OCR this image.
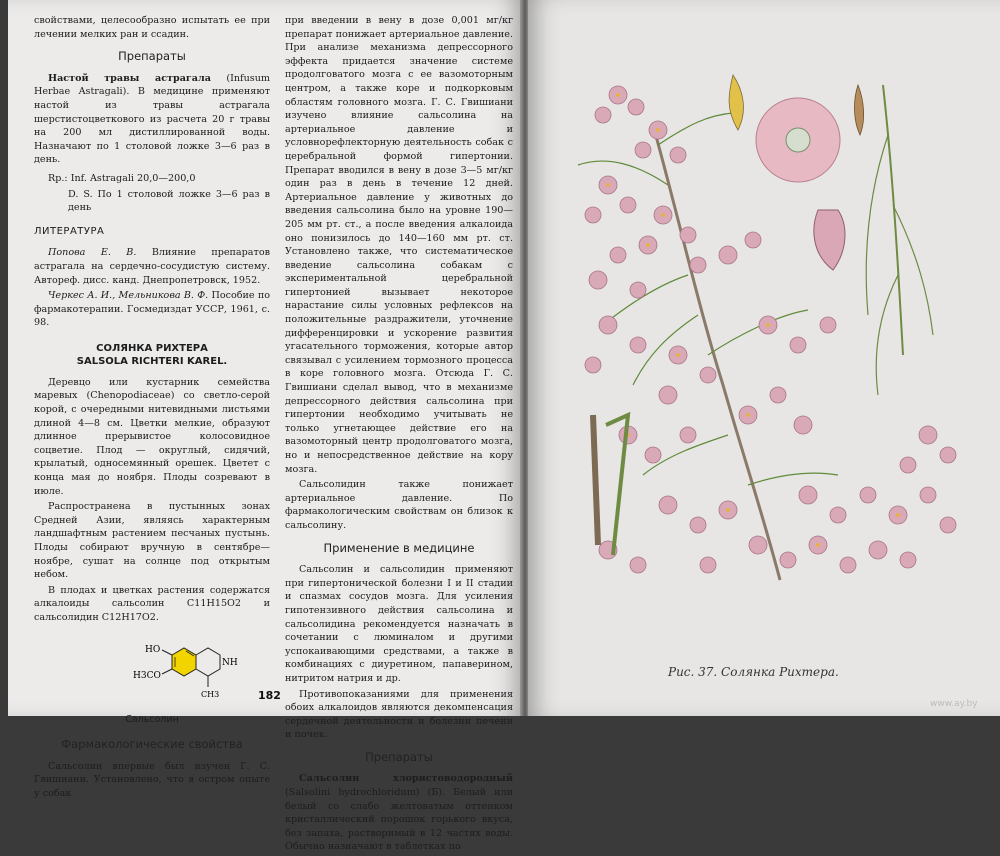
свойствами, целесообразно испытать ее при лечении мелких ран и ссадин.

Препараты

Настой травы астрагала (Infusum Herbae Astragali). В медицине применяют настой из травы астрагала шерстистоцветкового из расчета 20 г травы на 200 мл дистиллированной воды. Назначают по 1 столовой ложке 3—6 раз в день.

Rp.: Inf. Astragali 20,0—200,0

D. S. По 1 столовой ложке 3—6 раз в день

ЛИТЕРАТУРА

Попова Е. В. Влияние препаратов астрагала на сердечно-сосудистую систему. Автореф. дисс. канд. Днепропетровск, 1952.

Черкес А. И., Мельникова В. Ф. Пособие по фармакотерапии. Госмедиздат УССР, 1961, с. 98.

СОЛЯНКА РИХТЕРА
SALSOLA RICHTERI KAREL.

Деревцо или кустарник семейства маревых (Chenopodiaceae) со светло-серой корой, с очередными нитевидными листьями длиной 4—8 см. Цветки мелкие, образуют длинное прерывистое колосовидное соцветие. Плод — округлый, сидячий, крылатый, односемянный орешек. Цветет с конца мая до ноября. Плоды созревают в июле.

Распространена в пустынных зонах Средней Азии, являясь характерным ландшафтным растением песчаных пустынь. Плоды собирают вручную в сентябре—ноябре, сушат на солнце под открытым небом.

В плодах и цветках растения содержатся алкалоиды сальсолин C11H15O2 и сальсолидин C12H17O2.

HO
H3CO
NH
CH3
Сальсолин
Фармакологические свойства

Сальсолин впервые был изучен Г. С. Гвишиани. Установлено, что в остром опыте у собак

при введении в вену в дозе 0,001 мг/кг препарат понижает артериальное давление. При анализе механизма депрессорного эффекта придается значение системе продолговатого мозга с ее вазомоторным центром, а также коре и подкорковым областям головного мозга. Г. С. Гвишиани изучено влияние сальсолина на артериальное давление и условнорефлекторную деятельность собак с церебральной формой гипертонии. Препарат вводился в вену в дозе 3—5 мг/кг один раз в день в течение 12 дней. Артериальное давление у животных до введения сальсолина было на уровне 190—205 мм рт. ст., а после введения алкалоида оно понизилось до 140—160 мм рт. ст. Установлено также, что систематическое введение сальсолина собакам с экспериментальной церебральной гипертонией вызывает некоторое нарастание силы условных рефлексов на положительные раздражители, уточнение дифференцировки и ускорение развития угасательного торможения, которые автор связывал с усилением тормозного процесса в коре головного мозга. Отсюда Г. С. Гвишиани сделал вывод, что в механизме депрессорного действия сальсолина при гипертонии необходимо учитывать не только угнетающее действие его на вазомоторный центр продолговатого мозга, но и непосредственное действие на кору мозга.

Сальсолидин также понижает артериальное давление. По фармакологическим свойствам он близок к сальсолину.

Применение в медицине

Сальсолин и сальсолидин применяют при гипертонической болезни I и II стадии и спазмах сосудов мозга. Для усиления гипотензивного действия сальсолина и сальсолидина рекомендуется назначать в сочетании с люминалом и другими успокаивающими средствами, а также в комбинациях с диуретином, папаверином, нитритом натрия и др.

Противопоказаниями для применения обоих алкалоидов являются декомпенсация сердечной деятельности и болезни печени и почек.

Препараты

Сальсолин хлористоводородный (Salsolini hydrochloridum) (Б). Белый или белый со слабо желтоватым оттенком кристаллический порошок горького вкуса, без запаха, растворимый в 12 частях воды. Обычно назначают в таблетках по

182
Рис. 37. Солянка Рихтера.
www.ay.by
